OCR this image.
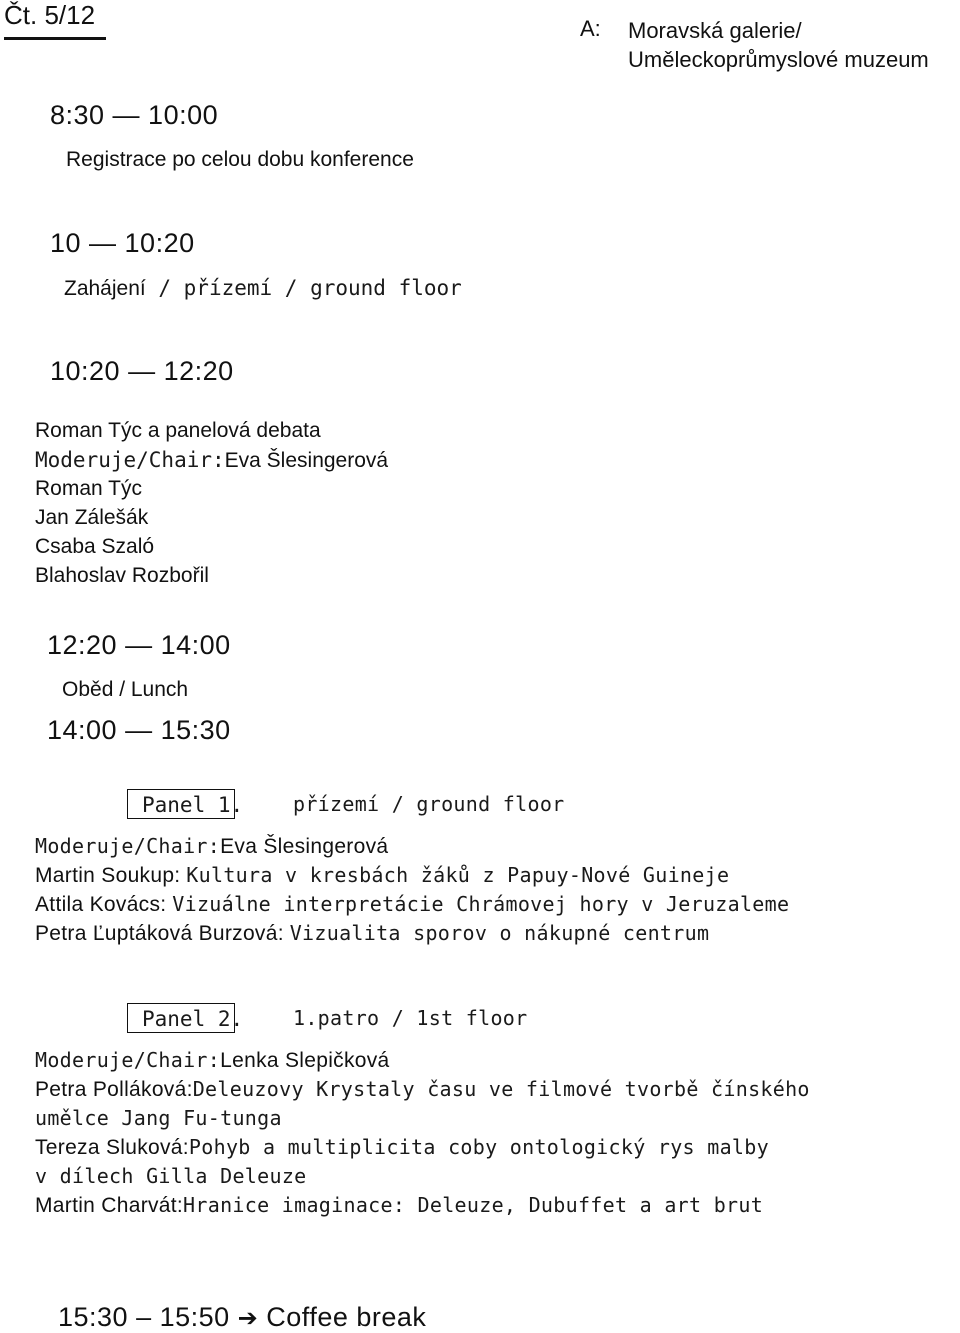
Čt. 5/12	A: Moravská galerie/
Uměleckoprůmyslové muzeum
8:30 — 10:00
Registrace po celou dobu konference
10 — 10:20
Zahájení / přízemí / ground floor
10:20 — 12:20
Roman Týc a panelová debata
Moderuje/Chair:Eva Šlesingerová
Roman Týc
Jan Zálešák
Csaba Szaló
Blahoslav Rozbořil
12:20 — 14:00
Oběd / Lunch
14:00 — 15:30
Panel 1. přízemí / ground floor
Moderuje/Chair:Eva Šlesingerová
Martin Soukup: Kultura v kresbách žáků z Papuy-Nové Guineje
Attila Kovács: Vizuálne interpretácie Chrámovej hory v Jeruzaleme
Petra Ľuptáková Burzová: Vizualita sporov o nákupné centrum
Panel 2. 1.patro / 1st floor
Moderuje/Chair:Lenka Slepičková
Petra Polláková:Deleuzovy Krystaly času ve filmové tvorbě čínského
umělce Jang Fu-tunga
Tereza Sluková:Pohyb a multiplicita coby ontologický rys malby
v dílech Gilla Deleuze
Martin Charvát:Hranice imaginace: Deleuze, Dubuffet a art brut
15:30 – 15:50 ➔ Coffee break
